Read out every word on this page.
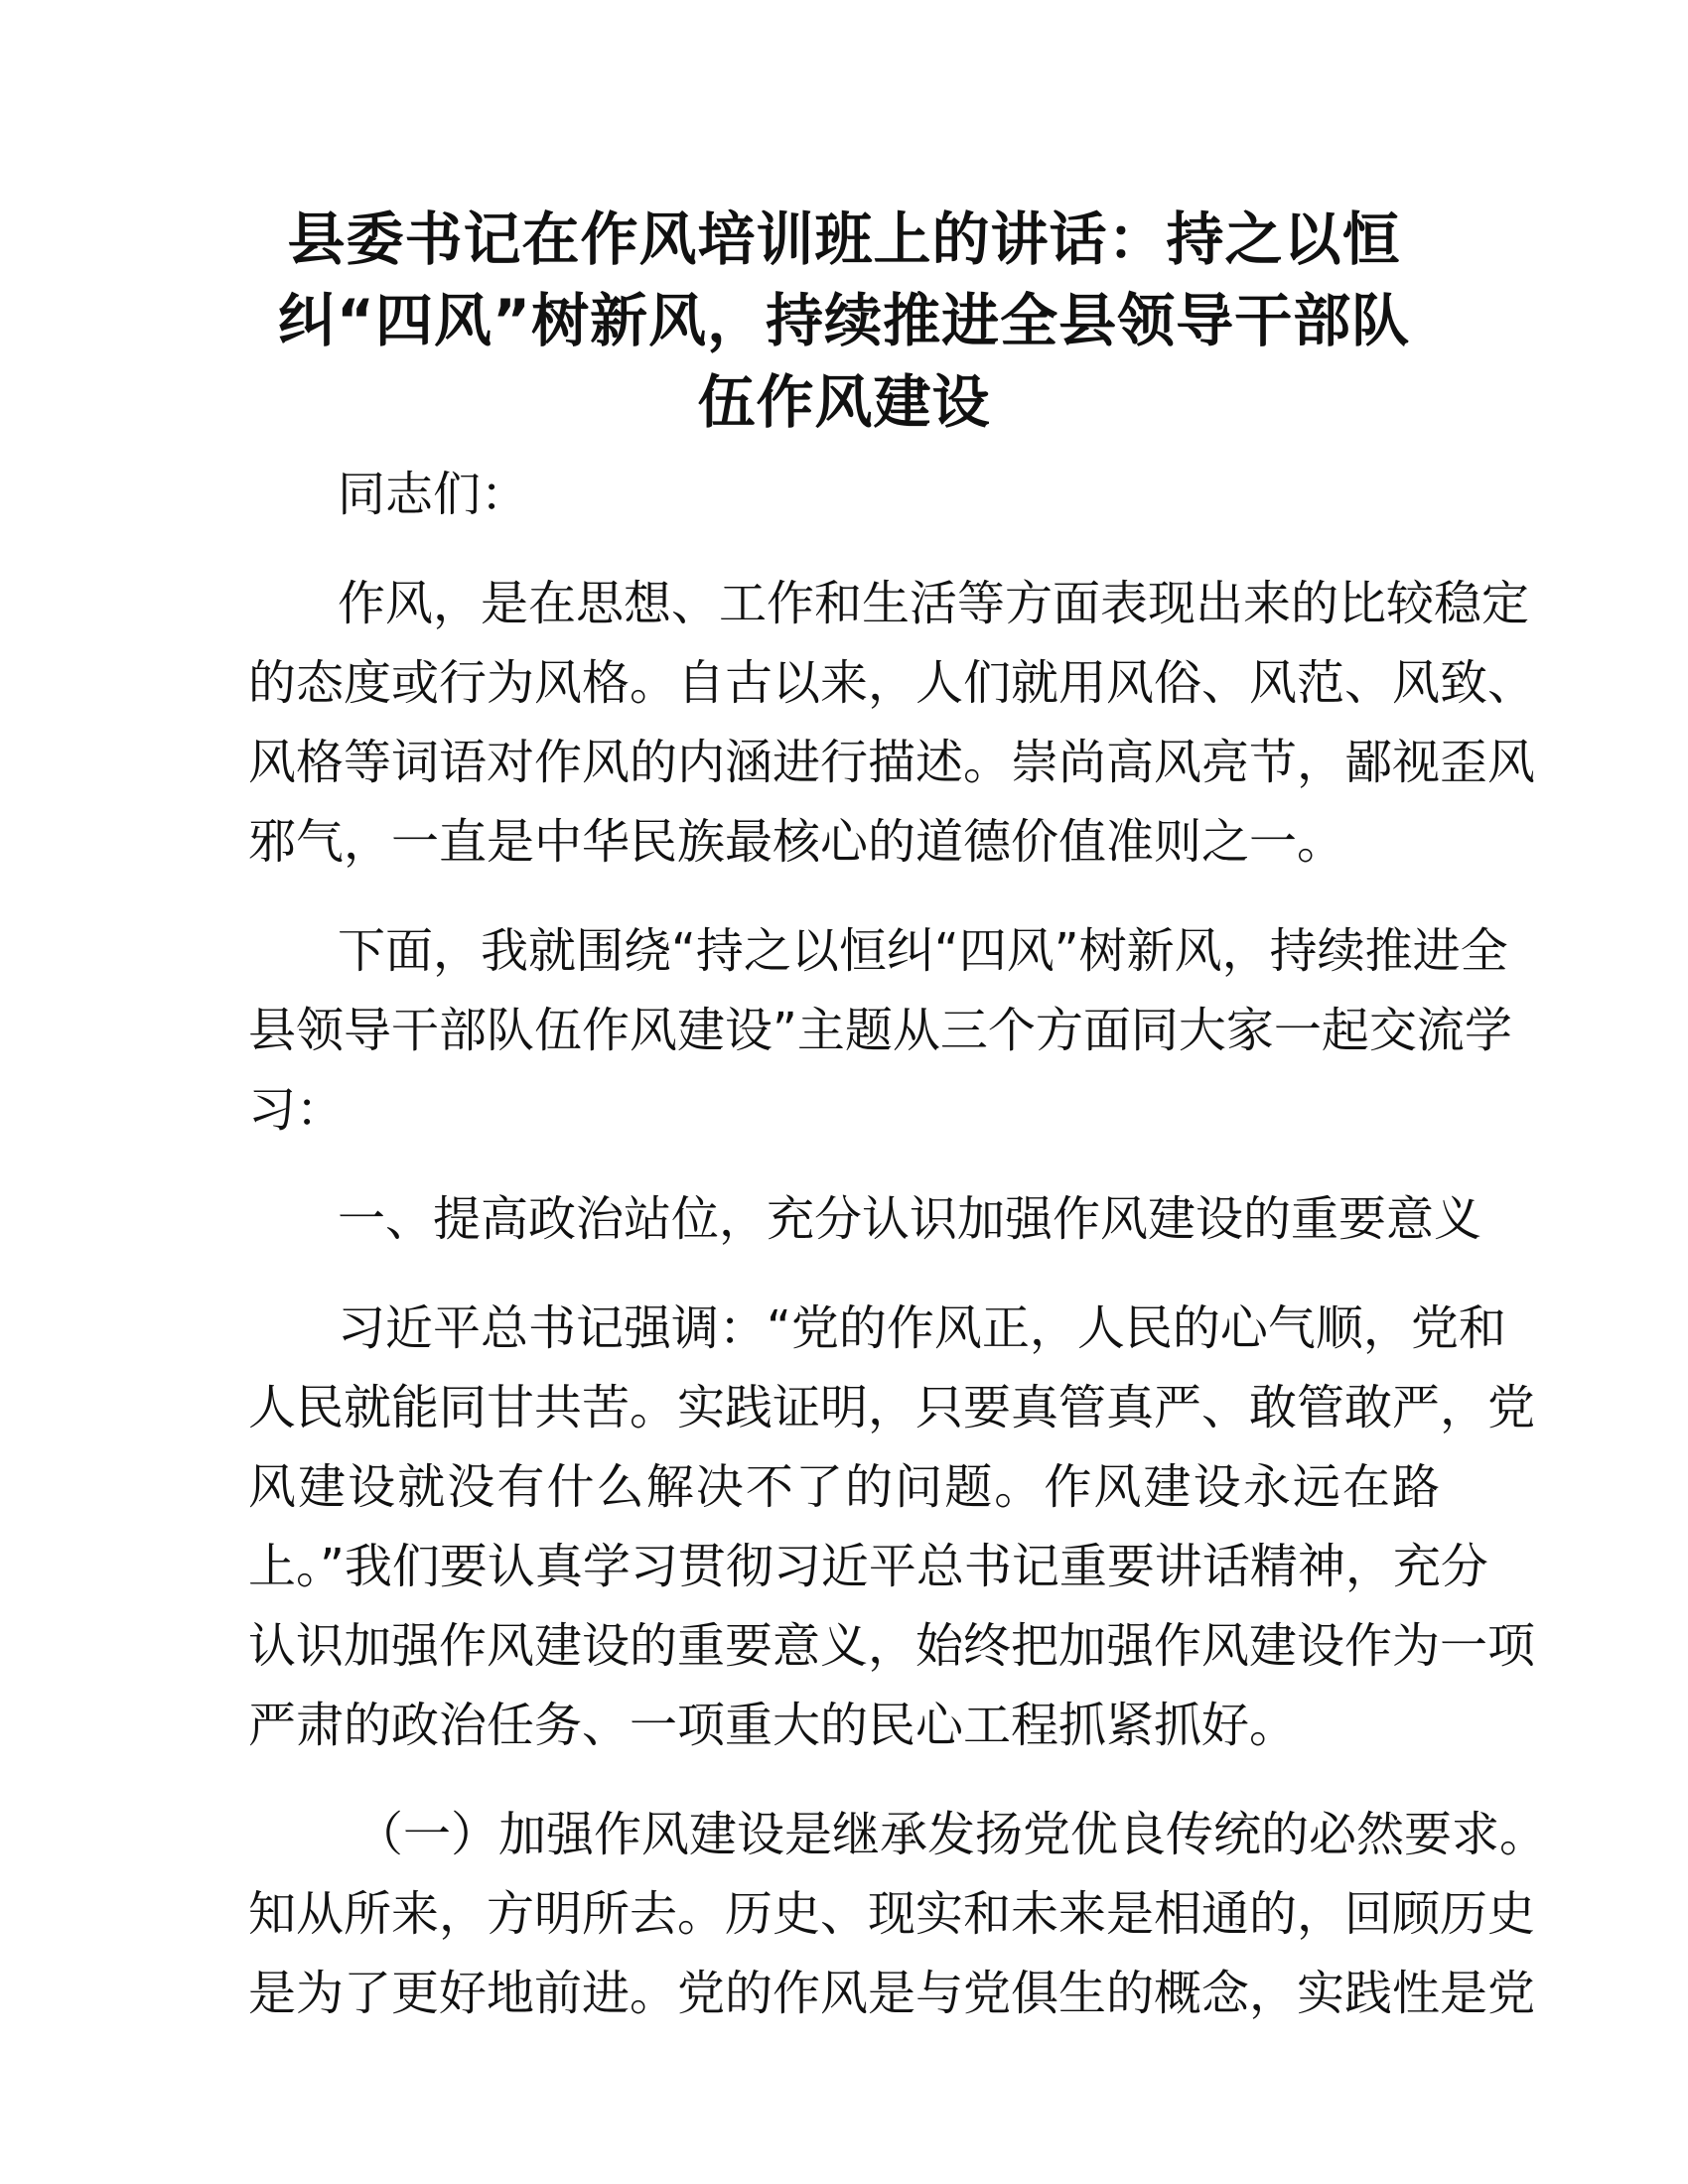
县委书记在作风培训班上的讲话：持之以恒
纠“四风”树新风，持续推进全县领导干部队
伍作风建设
同志们：
作风，是在思想、工作和生活等方面表现出来的比较稳定
的态度或行为风格。自古以来，人们就用风俗、风范、风致、
风格等词语对作风的内涵进行描述。崇尚高风亮节，鄙视歪风
邪气，一直是中华民族最核心的道德价值准则之一。
下面，我就围绕“持之以恒纠“四风”树新风，持续推进全
县领导干部队伍作风建设”主题从三个方面同大家一起交流学
习：
一、提高政治站位，充分认识加强作风建设的重要意义
习近平总书记强调：“党的作风正，人民的心气顺，党和
人民就能同甘共苦。实践证明，只要真管真严、敢管敢严，党
风建设就没有什么解决不了的问题。作风建设永远在路
上。”我们要认真学习贯彻习近平总书记重要讲话精神，充分
认识加强作风建设的重要意义，始终把加强作风建设作为一项
严肃的政治任务、一项重大的民心工程抓紧抓好。
（一）加强作风建设是继承发扬党优良传统的必然要求。
知从所来，方明所去。历史、现实和未来是相通的，回顾历史
是为了更好地前进。党的作风是与党俱生的概念，实践性是党
